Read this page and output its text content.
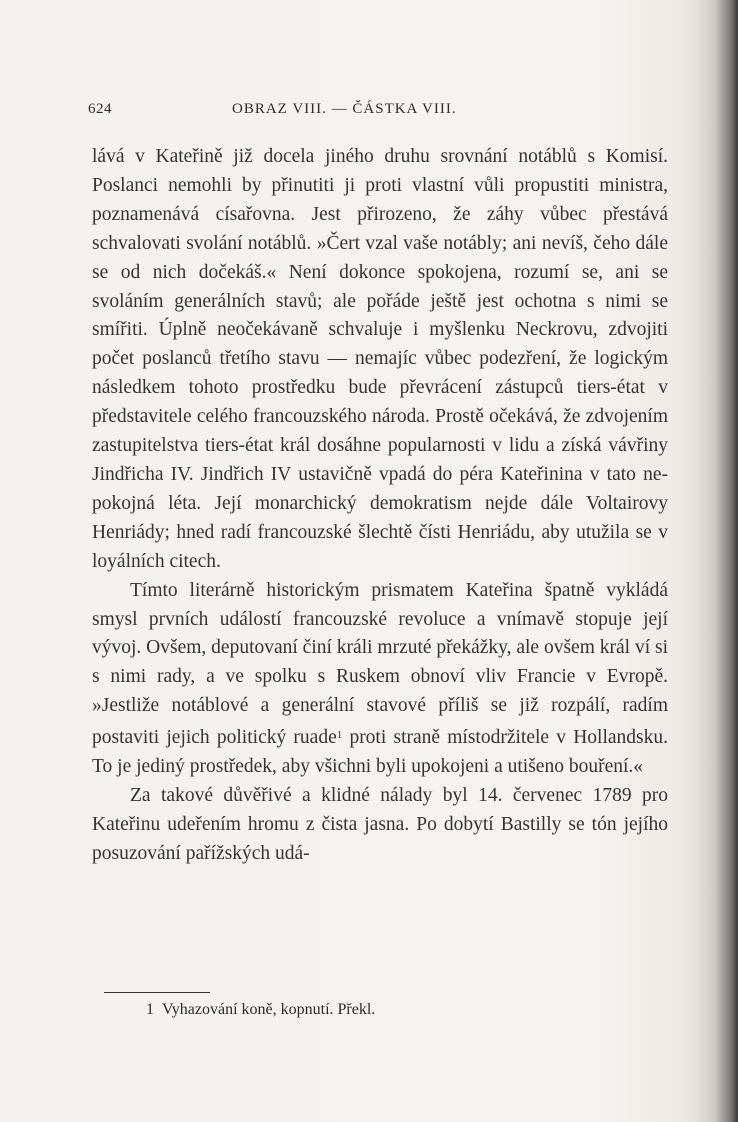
624	OBRAZ VIII. — ČÁSTKA VIII.

lává v Kateřině již docela jiného druhu srovnání notáblů s Komisí. Poslanci nemohli by přinutiti ji proti vlastní vůli propustiti ministra, poznamenává císařovna. Jest přirozeno, že záhy vůbec přestává schvalovati svolání notáblů. »Čert vzal vaše notábly; ani nevíš, čeho dále se od nich dočekáš.« Není dokonce spokojena, rozumí se, ani se svoláním generálních stavů; ale pořáde ještě jest ochotna s nimi se smířiti. Úplně neočekávaně schvaluje i myšlenku Neckrovu, zdvojiti počet poslanců třetího stavu — nemajíc vůbec podezření, že logickým následkem tohoto prostředku bude převrácení zástupců tiers-état v představitele celého francouzského národa. Prostě očekává, že zdvojením zastupitelstva tiers-état král dosáhne popularnosti v lidu a získá vávřiny Jindřicha IV. Jindřich IV ustavičně vpadá do péra Kateřinina v tato nepokojná léta. Její monarchický demokratism nejde dále Voltairovy Henriády; hned radí francouzské šlechtě čísti Henriádu, aby utužila se v loyálních citech.

Tímto literárně historickým prismatem Kateřina špatně vykládá smysl prvních událostí francouzské revoluce a vnímavě stopuje její vývoj. Ovšem, deputovaní činí králi mrzuté překážky, ale ovšem král ví si s nimi rady, a ve spolku s Ruskem obnoví vliv Francie v Evropě. »Jestliže notáblové a generální stavové příliš se již rozpálí, radím postaviti jejich politický ruade$^1$ proti straně místodržitele v Hollandsku. To je jediný prostředek, aby všichni byli upokojeni a utišeno bouření.«

Za takové důvěřivé a klidné nálady byl 14. červenec 1789 pro Kateřinu udeřením hromu z čista jasna. Po dobytí Bastilly se tón jejího posuzování pařížských udá-

1 Vyhazování koně, kopnutí. Překl.
